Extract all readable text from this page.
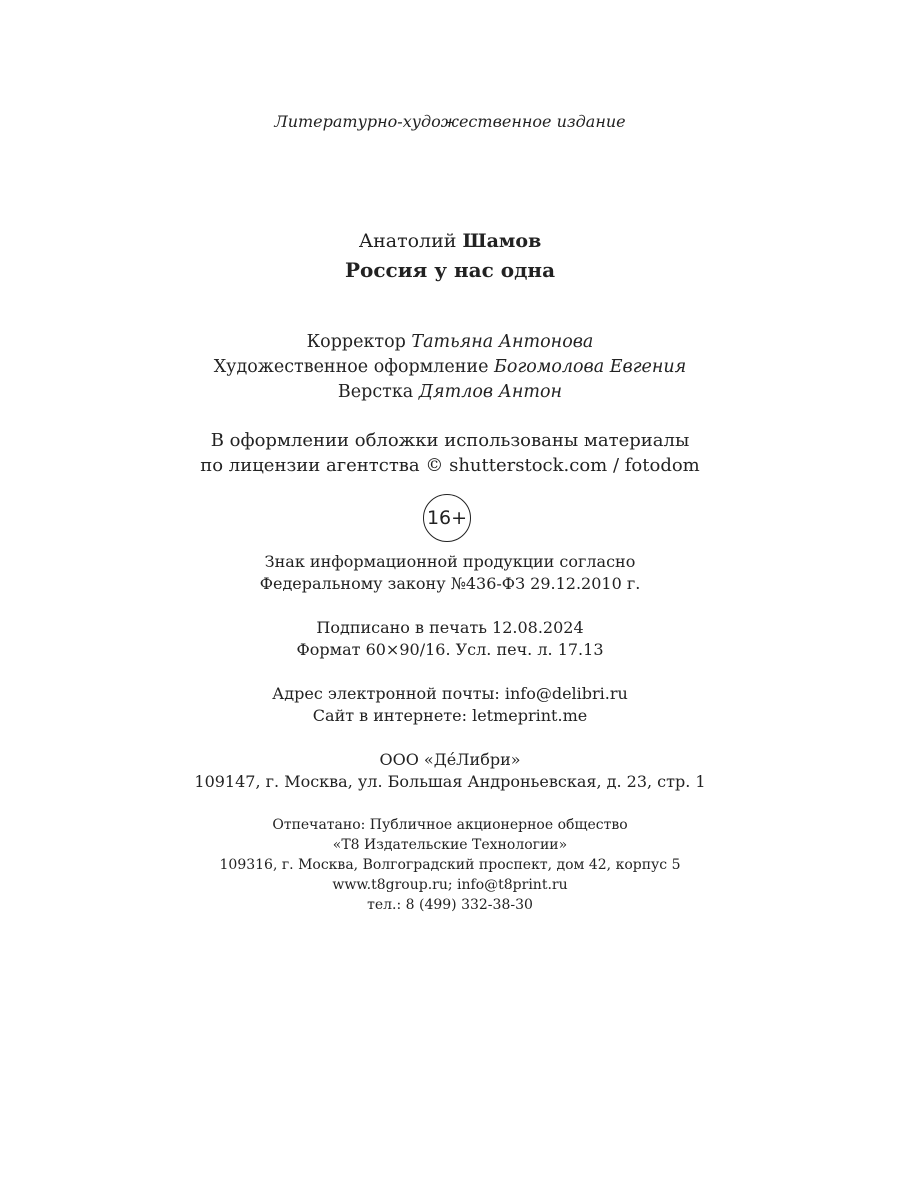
Литературно-художественное издание
Анатолий Шамов
Россия у нас одна
Корректор Татьяна Антонова
Художественное оформление Богомолова Евгения
Верстка Дятлов Антон
В оформлении обложки использованы материалы
по лицензии агентства © shutterstock.com / fotodom
16+
Знак информационной продукции согласно
Федеральному закону №436-ФЗ 29.12.2010 г.
Подписано в печать 12.08.2024
Формат 60×90/16. Усл. печ. л. 17.13
Адрес электронной почты: info@delibri.ru
Сайт в интернете: letmeprint.me
ООО «ДéЛибри»
109147, г. Москва, ул. Большая Андроньевская, д. 23, стр. 1
Отпечатано: Публичное акционерное общество
«Т8 Издательские Технологии»
109316, г. Москва, Волгоградский проспект, дом 42, корпус 5
www.t8group.ru; info@t8print.ru
тел.: 8 (499) 332-38-30
